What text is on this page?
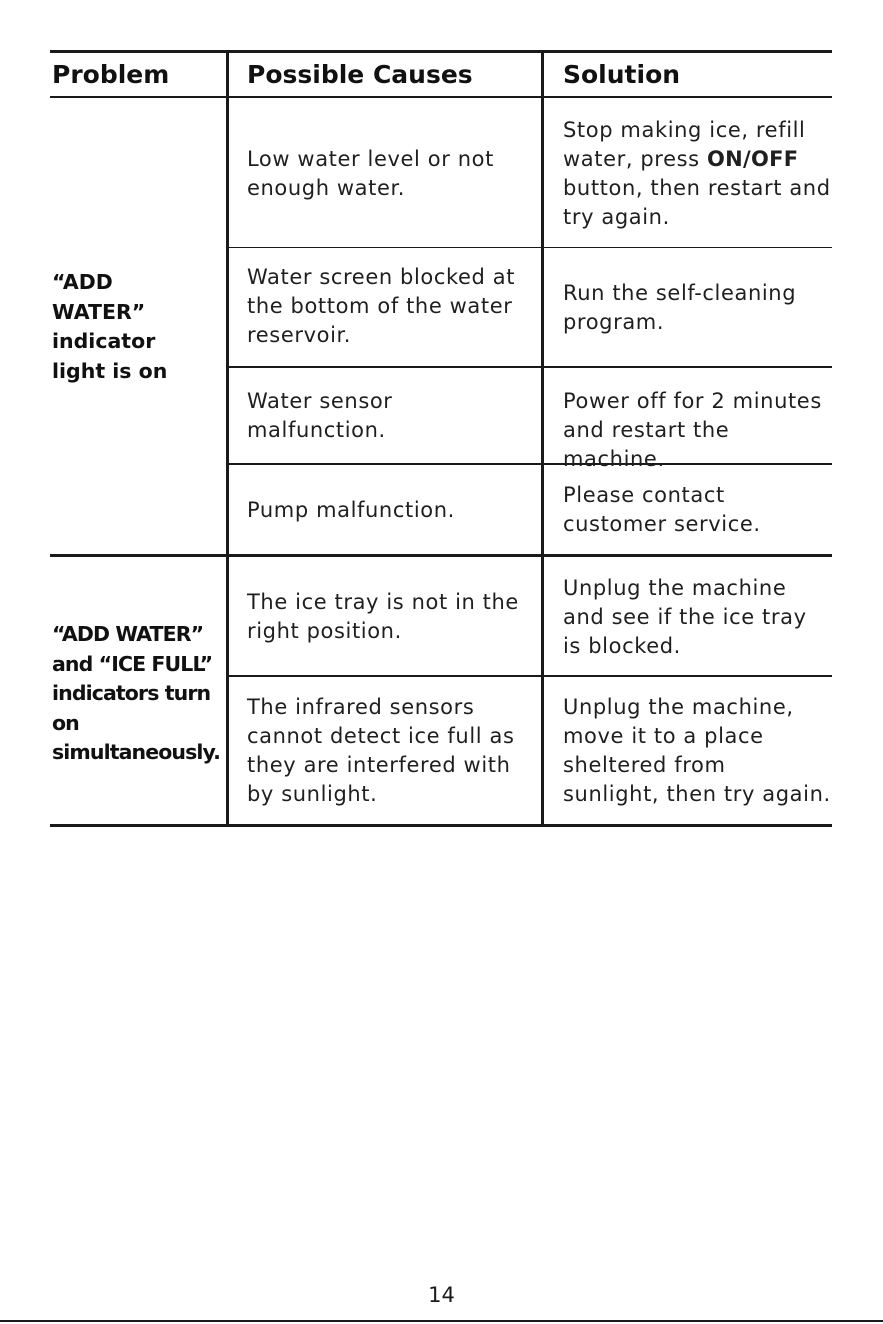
Problem	Possible Causes	Solution
“ADD
WATER”
indicator
light is on
Low water level or not
enough water.
Stop making ice, refill
water, press ON/OFF
button, then restart and
try again.
Water screen blocked at
the bottom of the water
reservoir.
Run the self-cleaning
program.
Water sensor
malfunction.
Power off for 2 minutes
and restart the machine.
Pump malfunction.
Please contact
customer service.
“ADD WATER”
and “ICE FULL”
indicators turn
on
simultaneously.
The ice tray is not in the
right position.
Unplug the machine
and see if the ice tray
is blocked.
The infrared sensors
cannot detect ice full as
they are interfered with
by sunlight.
Unplug the machine,
move it to a place
sheltered from
sunlight, then try again.
14
